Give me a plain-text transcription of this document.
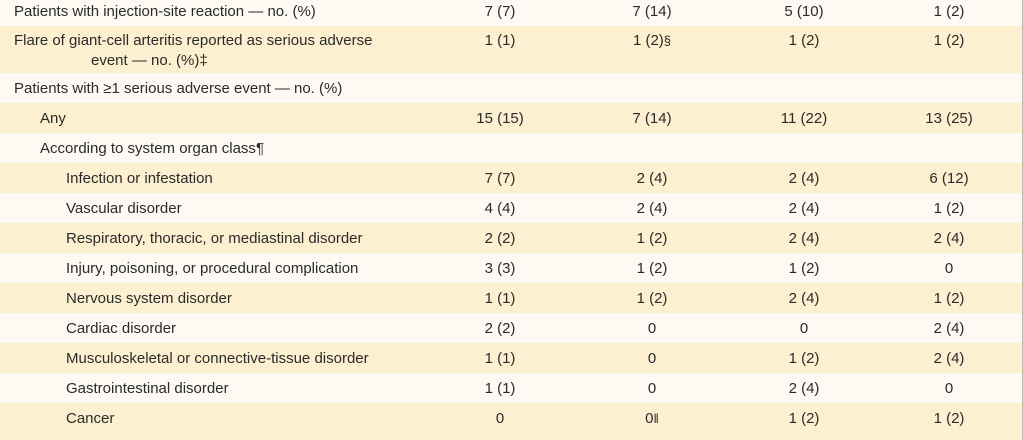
Patients with injection-site reaction — no. (%)	7 (7)	7 (14)	5 (10)	1 (2)
Flare of giant-cell arteritis reported as serious adverse
event — no. (%)‡
1 (1)	1 (2)§	1 (2)	1 (2)
Patients with ≥1 serious adverse event — no. (%)
Any	15 (15)	7 (14)	11 (22)	13 (25)
According to system organ class¶
Infection or infestation	7 (7)	2 (4)	2 (4)	6 (12)
Vascular disorder	4 (4)	2 (4)	2 (4)	1 (2)
Respiratory, thoracic, or mediastinal disorder	2 (2)	1 (2)	2 (4)	2 (4)
Injury, poisoning, or procedural complication	3 (3)	1 (2)	1 (2)	0
Nervous system disorder	1 (1)	1 (2)	2 (4)	1 (2)
Cardiac disorder	2 (2)	0	0	2 (4)
Musculoskeletal or connective-tissue disorder	1 (1)	0	1 (2)	2 (4)
Gastrointestinal disorder	1 (1)	0	2 (4)	0
Cancer	0	0‖	1 (2)	1 (2)
